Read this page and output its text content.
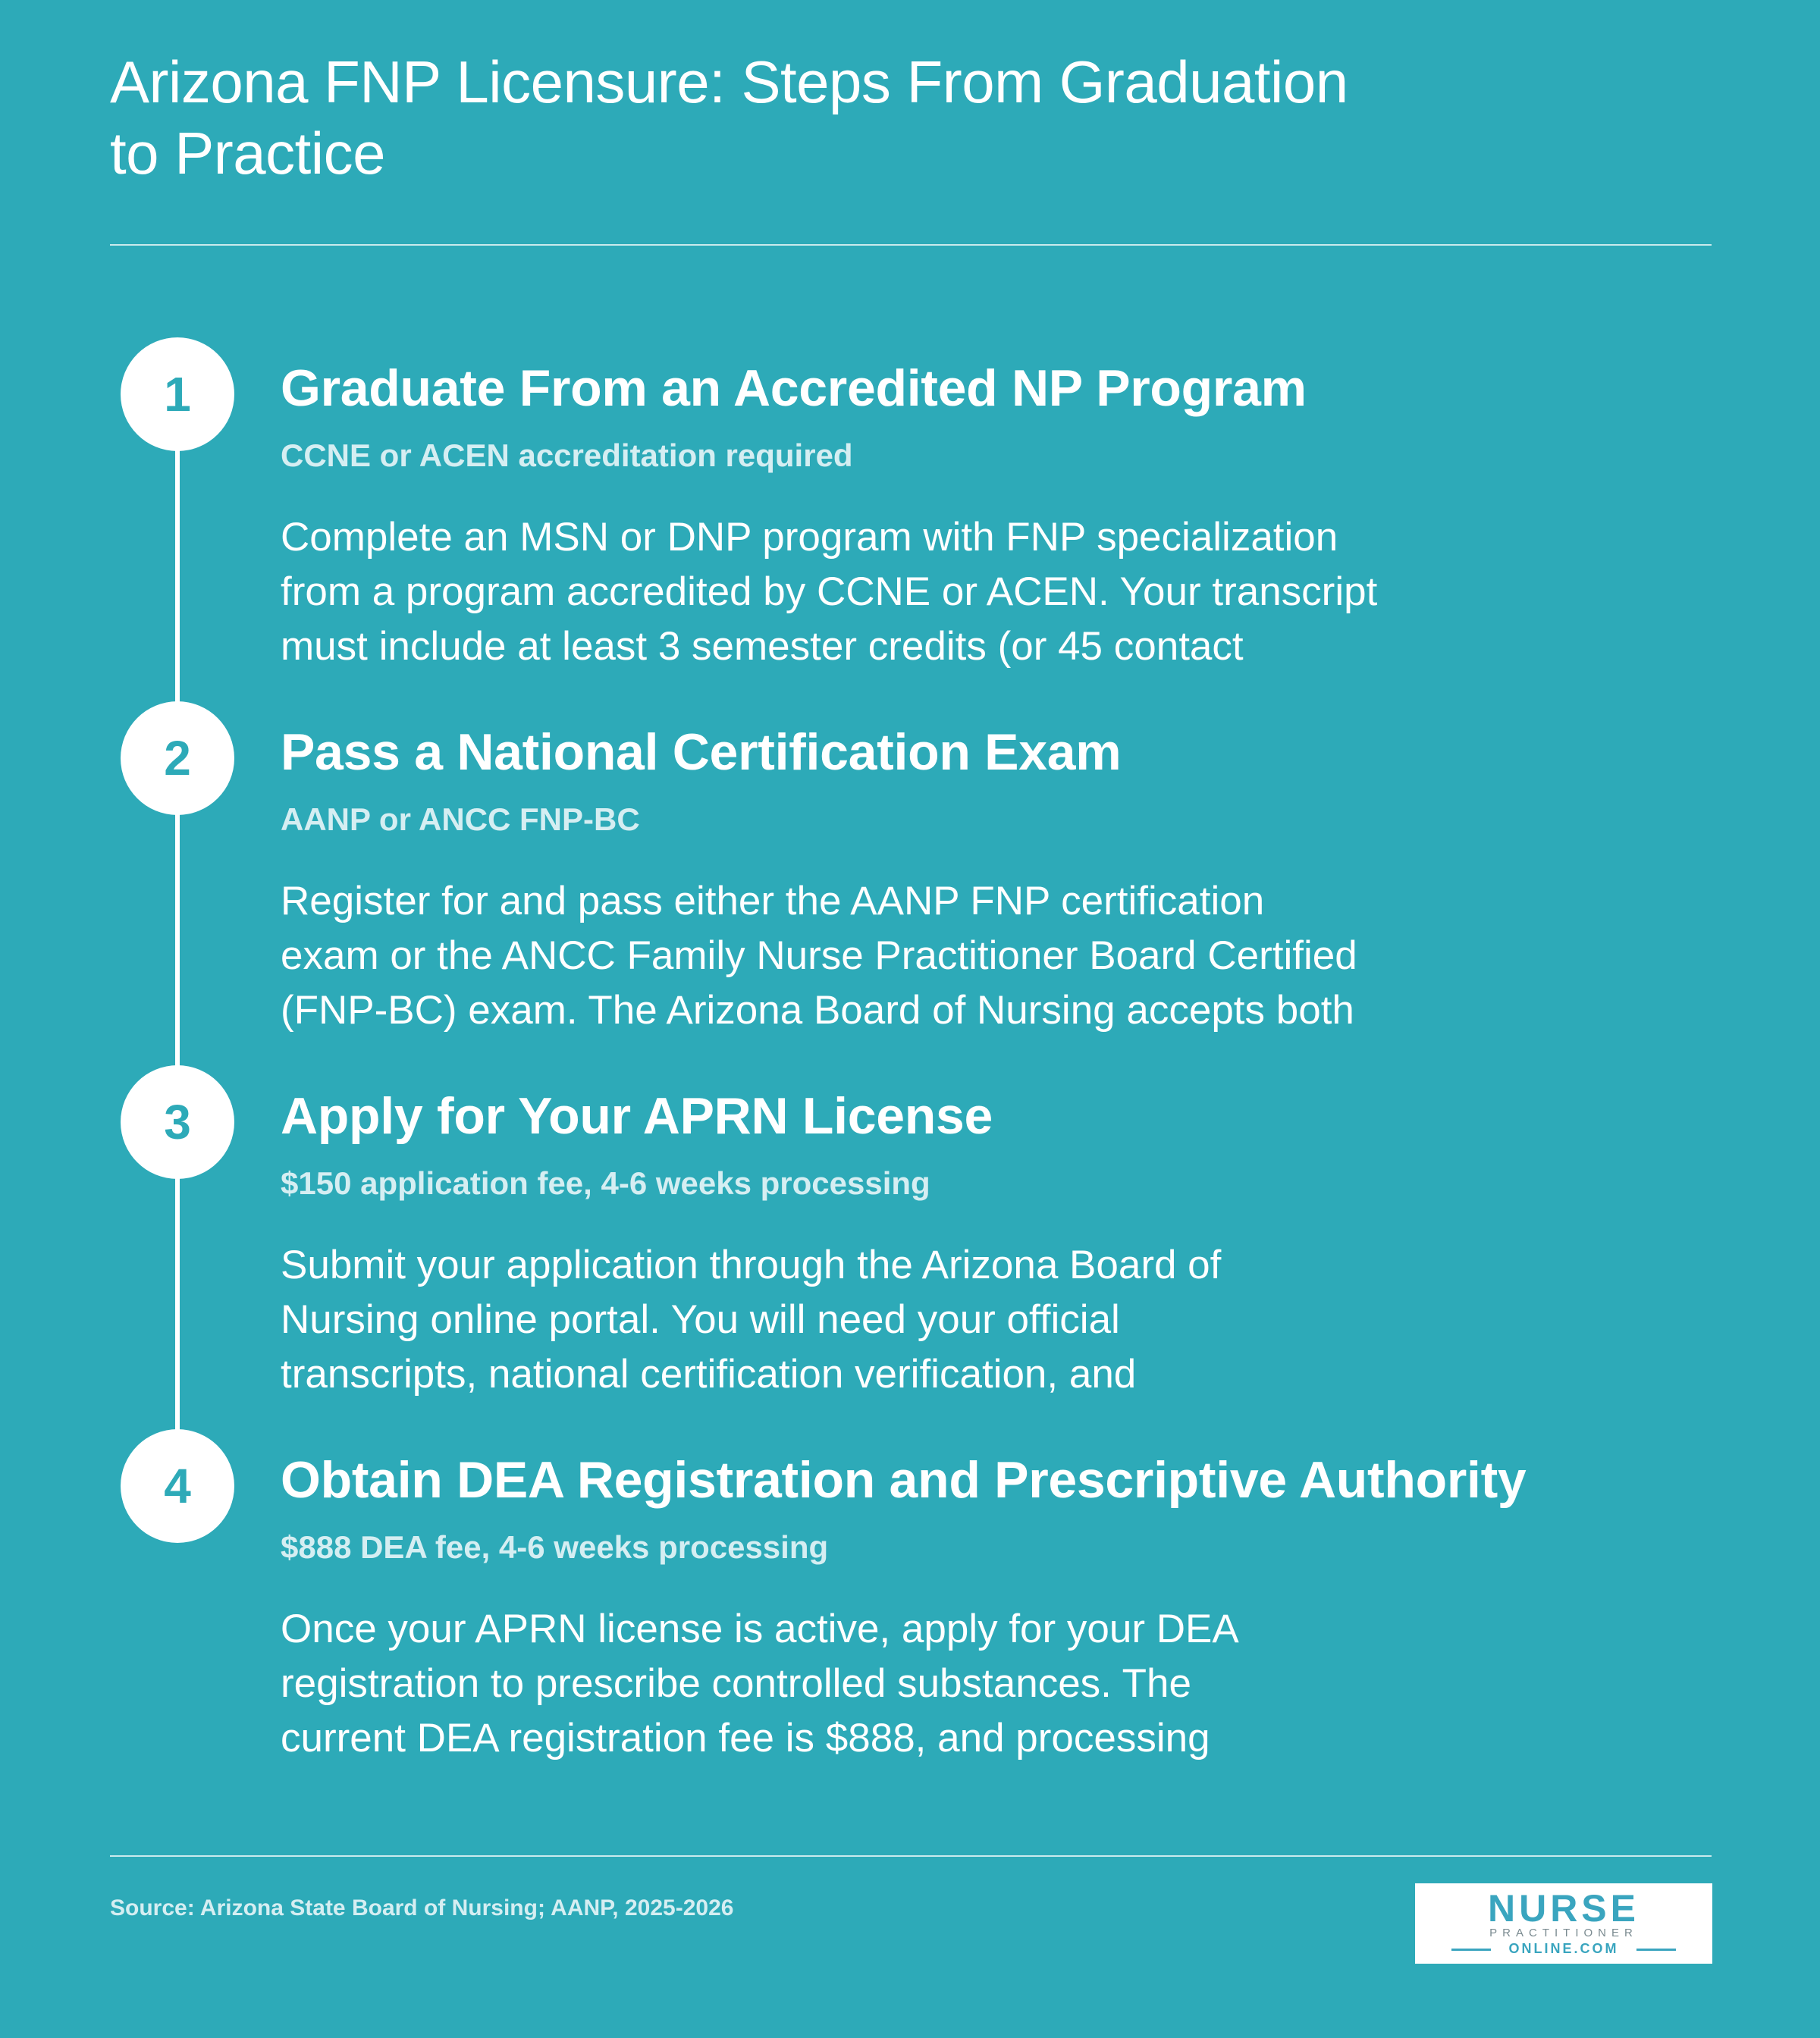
Arizona FNP Licensure: Steps From Graduation
to Practice
1	Graduate From an Accredited NP Program
CCNE or ACEN accreditation required

Complete an MSN or DNP program with FNP specialization
from a program accredited by CCNE or ACEN. Your transcript
must include at least 3 semester credits (or 45 contact

2	Pass a National Certification Exam
AANP or ANCC FNP-BC

Register for and pass either the AANP FNP certification
exam or the ANCC Family Nurse Practitioner Board Certified
(FNP-BC) exam. The Arizona Board of Nursing accepts both

3	Apply for Your APRN License
$150 application fee, 4-6 weeks processing

Submit your application through the Arizona Board of
Nursing online portal. You will need your official
transcripts, national certification verification, and

4	Obtain DEA Registration and Prescriptive Authority
$888 DEA fee, 4-6 weeks processing

Once your APRN license is active, apply for your DEA
registration to prescribe controlled substances. The
current DEA registration fee is $888, and processing

Source: Arizona State Board of Nursing; AANP, 2025-2026	NURSE
PRACTITIONER
ONLINE.COM
